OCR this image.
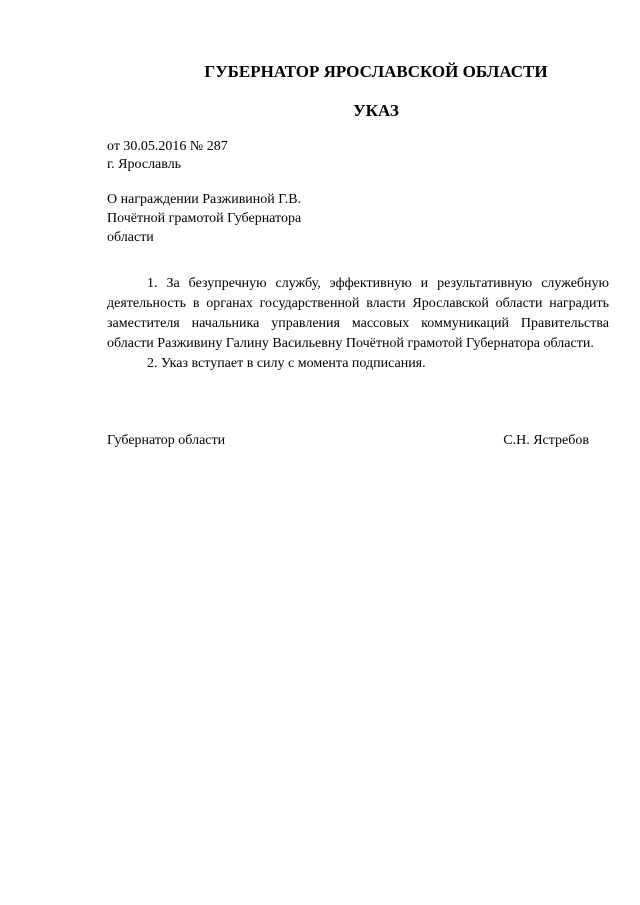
ГУБЕРНАТОР ЯРОСЛАВСКОЙ ОБЛАСТИ
УКАЗ
от 30.05.2016 № 287
г. Ярославль
О награждении Разживиной Г.В.
Почётной грамотой Губернатора
области

1. За безупречную службу, эффективную и результативную служебную деятельность в органах государственной власти Ярославской области наградить заместителя начальника управления массовых коммуникаций Правительства области Разживину Галину Васильевну Почётной грамотой Губернатора области.

2. Указ вступает в силу с момента подписания.

Губернатор области	С.Н. Ястребов
